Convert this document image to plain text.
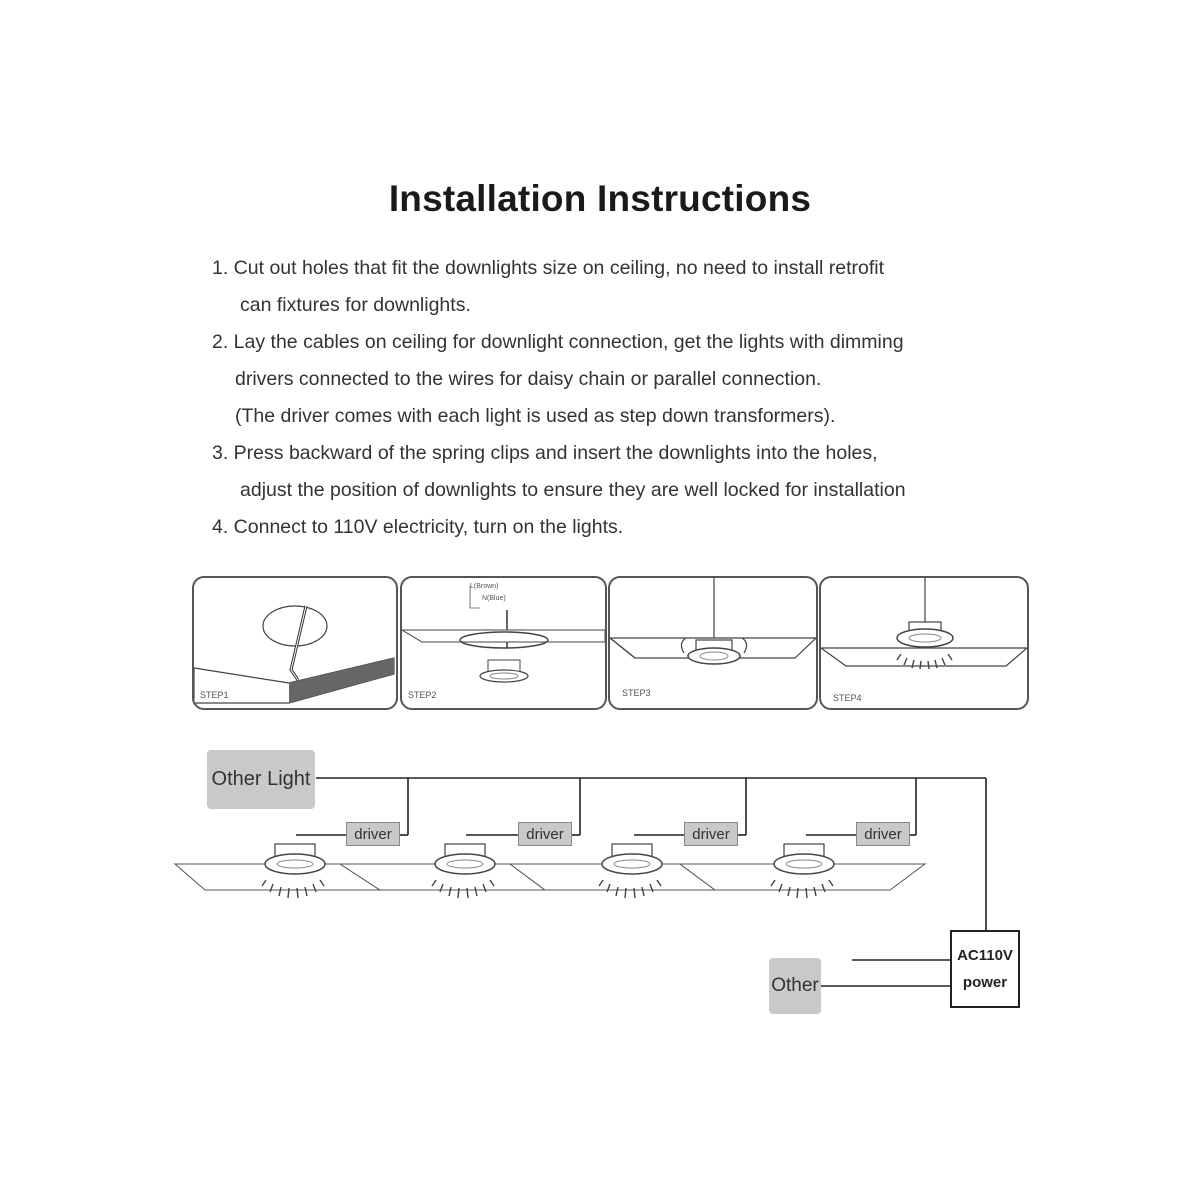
Installation Instructions
1. Cut out holes that fit the downlights size on ceiling, no need to install retrofit
can fixtures for downlights.
2. Lay the cables on ceiling for downlight connection, get the lights with dimming
drivers connected to the wires for daisy chain or parallel connection.
(The driver comes with each light is used as step down transformers).
3. Press backward of the spring clips and insert the downlights into the holes,
adjust the position of downlights to ensure they are well locked for installation
4. Connect to 110V electricity, turn on the lights.
STEP1
L(Brown)
N(Blue)
STEP2	STEP3	STEP4
Other Light
driver	driver	driver	driver
Other
AC110V
power
